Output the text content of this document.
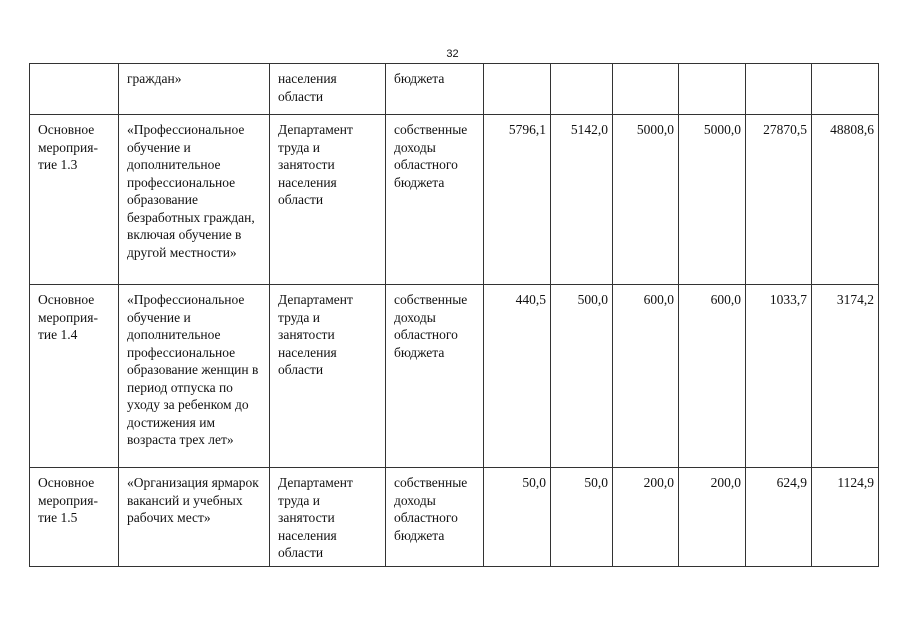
32
	граждан»	населения области	бюджета						
Основное мероприя-тие 1.3	«Профессиональное обучение и дополнительное профессиональное образование безработных граждан, включая обучение в другой местности»	Департамент труда и занятости населения области	собственные доходы областного бюджета	5796,1	5142,0	5000,0	5000,0	27870,5	48808,6
Основное мероприя-тие 1.4	«Профессиональное обучение и дополнительное профессиональное образование женщин в период отпуска по уходу за ребенком до достижения им возраста трех лет»	Департамент труда и занятости населения области	собственные доходы областного бюджета	440,5	500,0	600,0	600,0	1033,7	3174,2
Основное мероприя-тие 1.5	«Организация ярмарок вакансий и учебных рабочих мест»	Департамент труда и занятости населения области	собственные доходы областного бюджета	50,0	50,0	200,0	200,0	624,9	1124,9
